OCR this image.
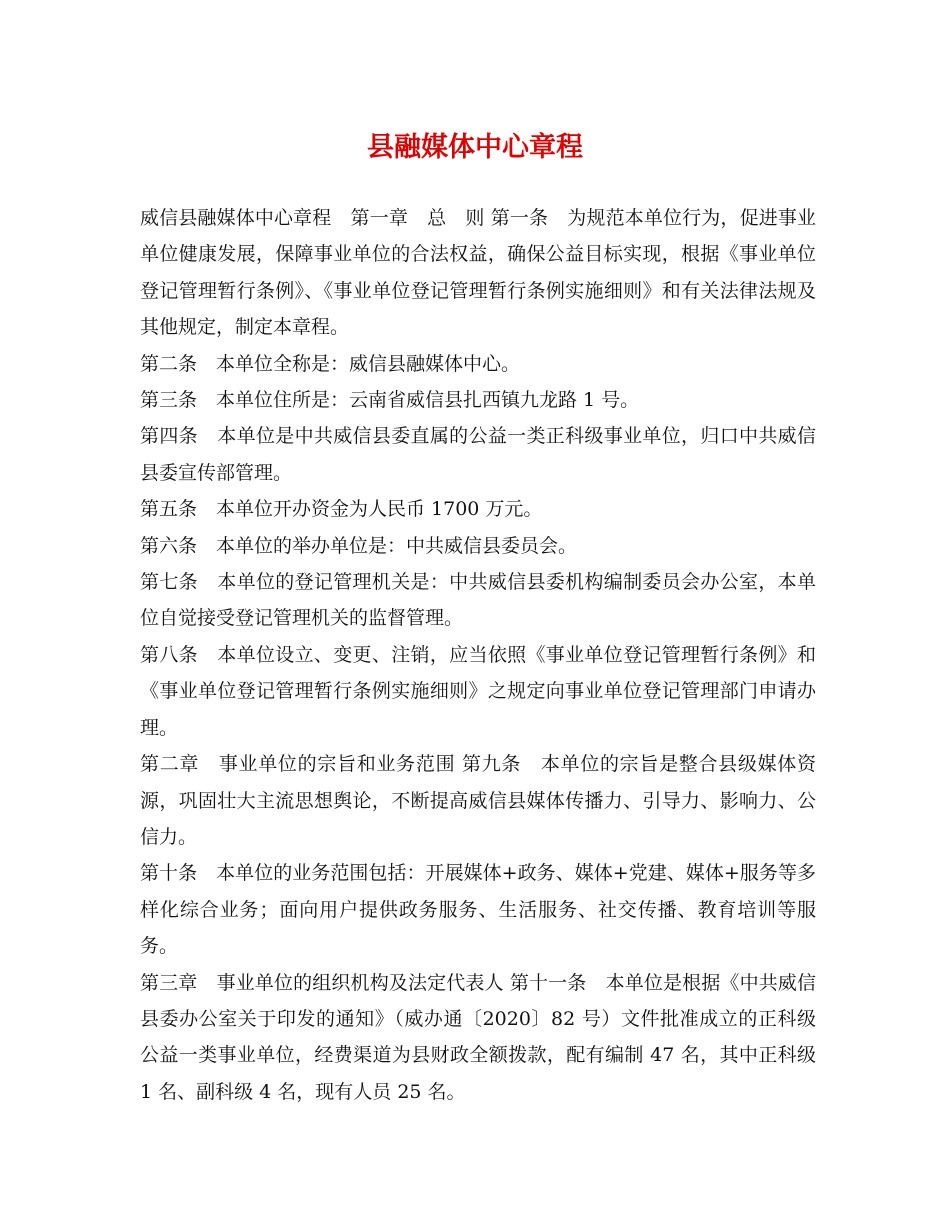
县融媒体中心章程

威信县融媒体中心章程　第一章　总　则 第一条　为规范本单位行为，促进事业单位健康发展，保障事业单位的合法权益，确保公益目标实现，根据《事业单位登记管理暂行条例》、《事业单位登记管理暂行条例实施细则》和有关法律法规及其他规定，制定本章程。

第二条　本单位全称是：威信县融媒体中心。

第三条　本单位住所是：云南省威信县扎西镇九龙路 1 号。

第四条　本单位是中共威信县委直属的公益一类正科级事业单位，归口中共威信县委宣传部管理。

第五条　本单位开办资金为人民币 1700 万元。

第六条　本单位的举办单位是：中共威信县委员会。

第七条　本单位的登记管理机关是：中共威信县委机构编制委员会办公室，本单位自觉接受登记管理机关的监督管理。

第八条　本单位设立、变更、注销，应当依照《事业单位登记管理暂行条例》和《事业单位登记管理暂行条例实施细则》之规定向事业单位登记管理部门申请办理。

第二章　事业单位的宗旨和业务范围 第九条　本单位的宗旨是整合县级媒体资源，巩固壮大主流思想舆论，不断提高威信县媒体传播力、引导力、影响力、公信力。

第十条　本单位的业务范围包括：开展媒体+政务、媒体+党建、媒体+服务等多样化综合业务；面向用户提供政务服务、生活服务、社交传播、教育培训等服务。

第三章　事业单位的组织机构及法定代表人 第十一条　本单位是根据《中共威信县委办公室关于印发的通知》（威办通〔2020〕82 号）文件批准成立的正科级公益一类事业单位，经费渠道为县财政全额拨款，配有编制 47 名，其中正科级 1 名、副科级 4 名，现有人员 25 名。
